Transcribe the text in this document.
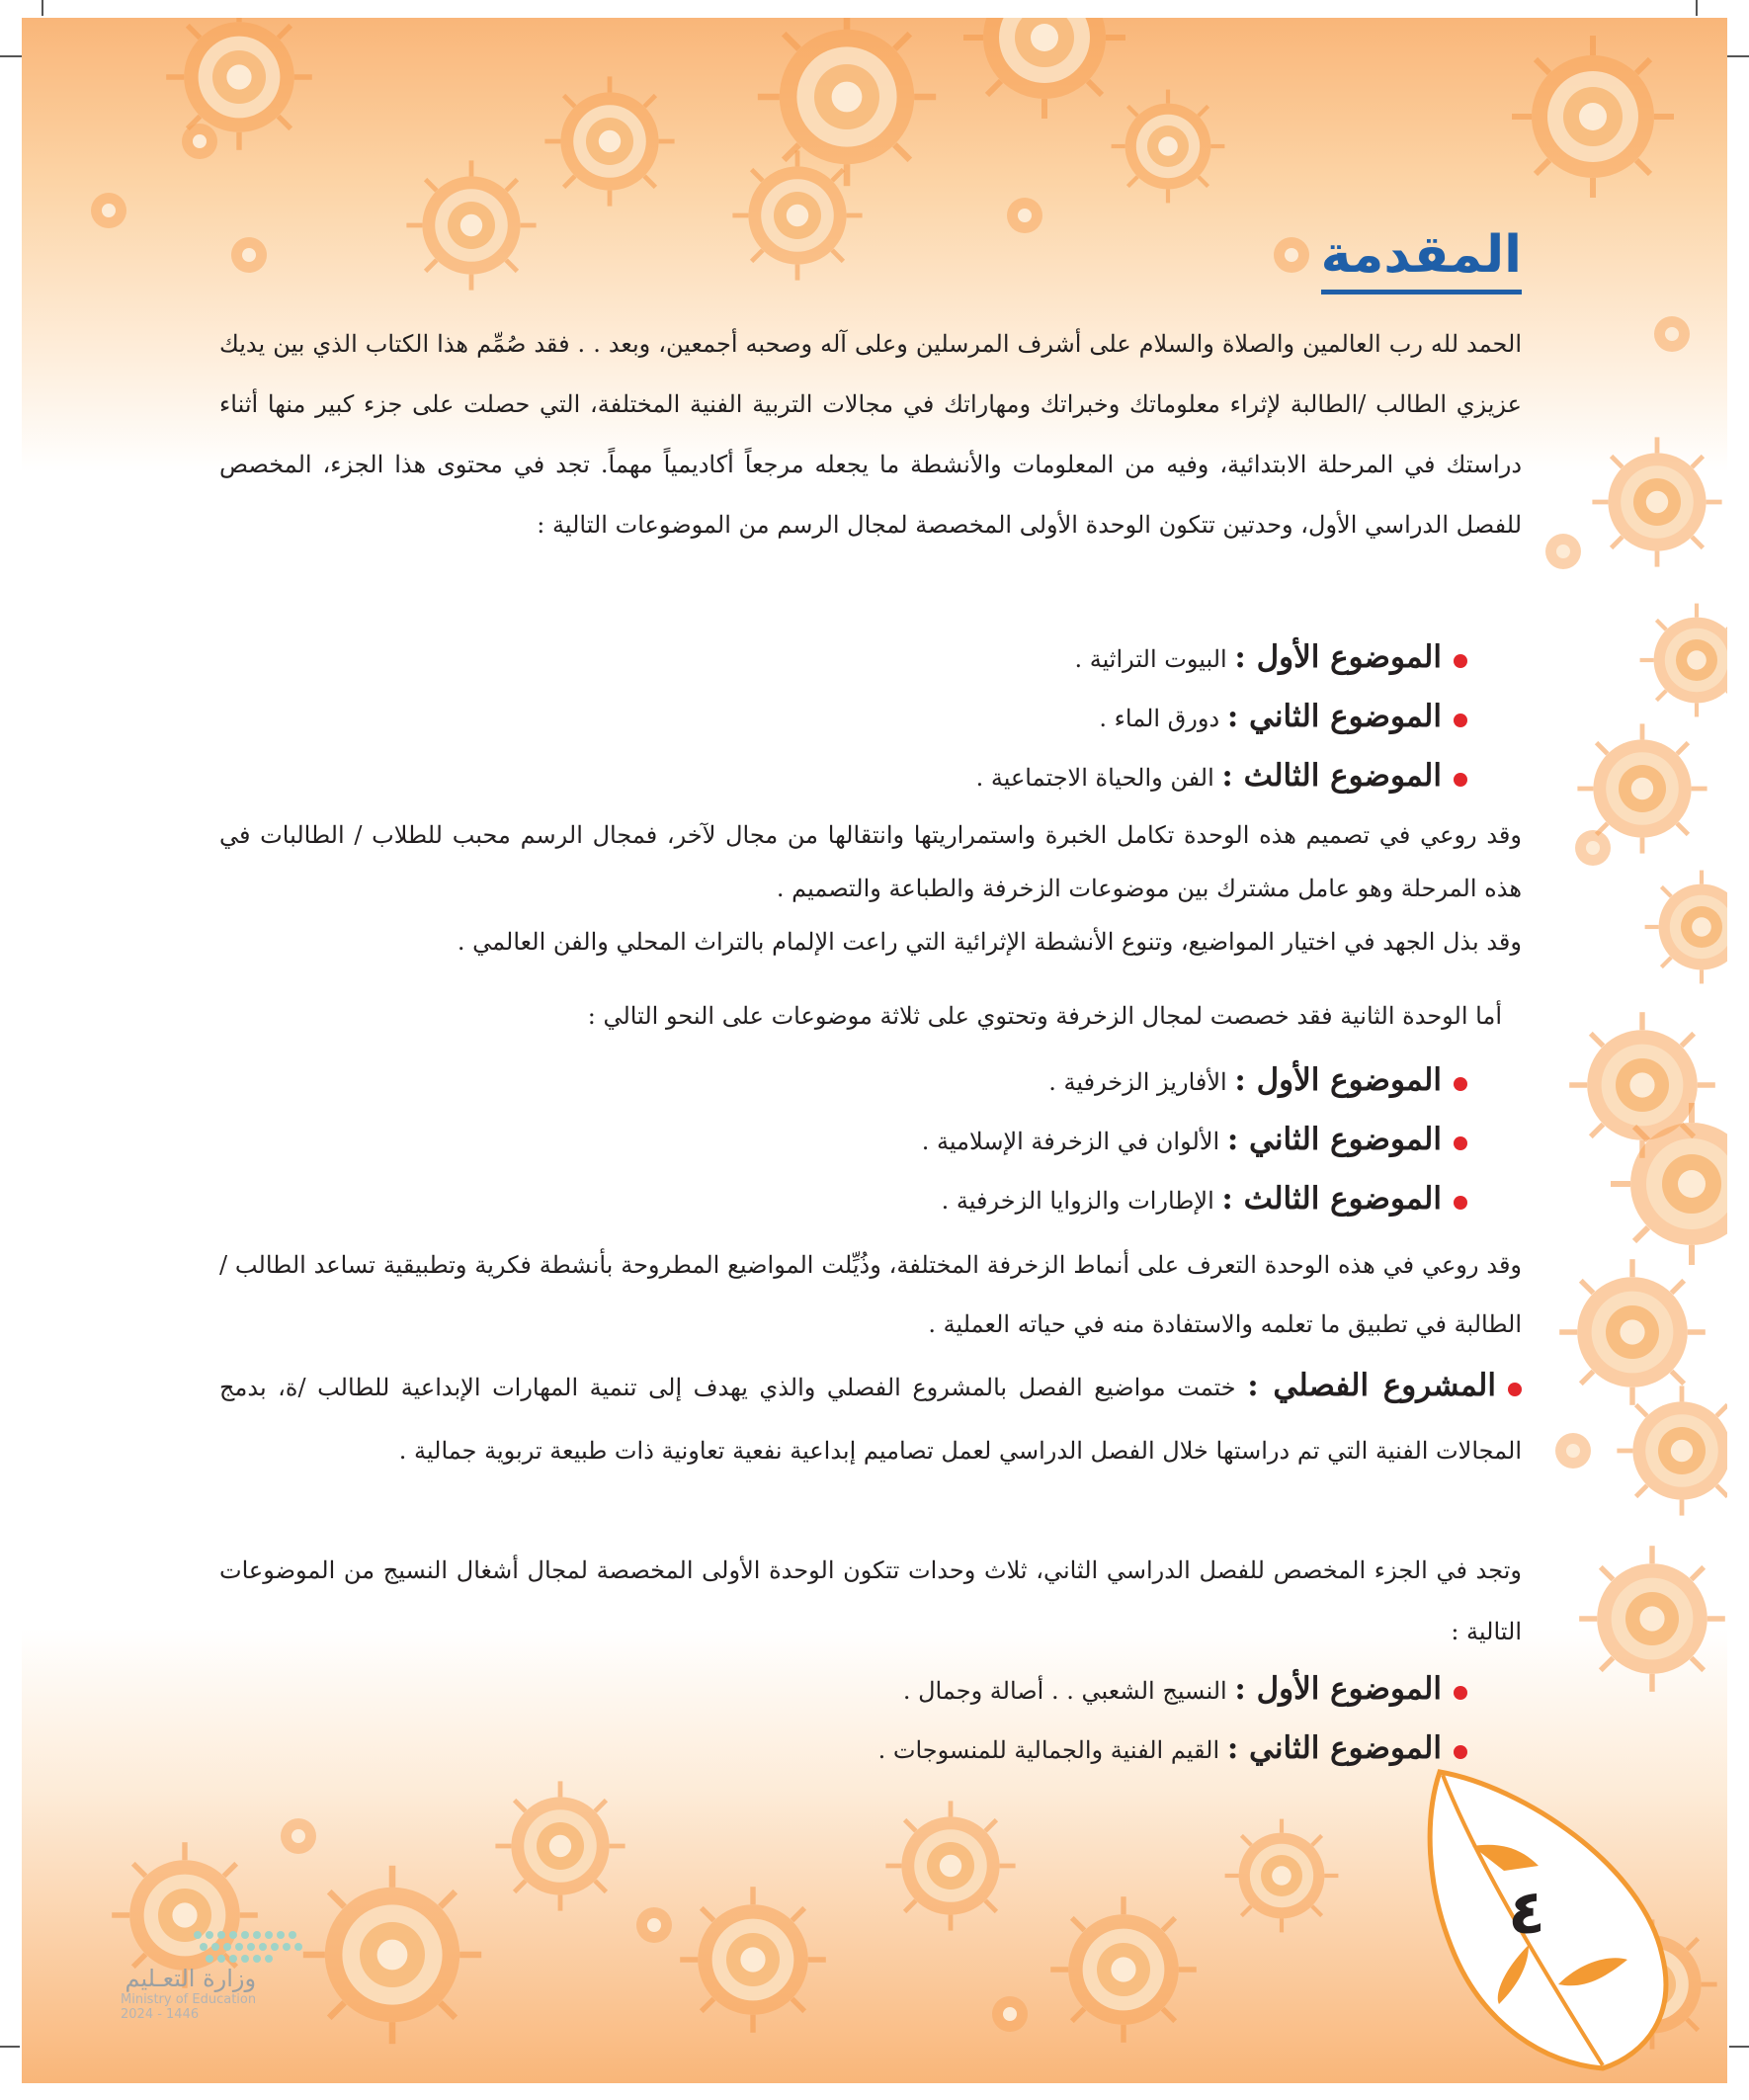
المقدمة
الحمد لله رب العالمين والصلاة والسلام على أشرف المرسلين وعلى آله وصحبه أجمعين، وبعد . . فقد صُمِّم هذا الكتاب الذي بين يديك عزيزي الطالب /الطالبة لإثراء معلوماتك وخبراتك ومهاراتك في مجالات التربية الفنية المختلفة، التي حصلت على جزء كبير منها أثناء دراستك في المرحلة الابتدائية، وفيه من المعلومات والأنشطة ما يجعله مرجعاً أكاديمياً مهماً. تجد في محتوى هذا الجزء، المخصص للفصل الدراسي الأول، وحدتين تتكون الوحدة الأولى المخصصة لمجال الرسم من الموضوعات التالية :
الموضوع الأول : البيوت التراثية .
الموضوع الثاني : دورق الماء .
الموضوع الثالث : الفن والحياة الاجتماعية .
وقد روعي في تصميم هذه الوحدة تكامل الخبرة واستمراريتها وانتقالها من مجال لآخر، فمجال الرسم محبب للطلاب / الطالبات في هذه المرحلة وهو عامل مشترك بين موضوعات الزخرفة والطباعة والتصميم .
وقد بذل الجهد في اختيار المواضيع، وتنوع الأنشطة الإثرائية التي راعت الإلمام بالتراث المحلي والفن العالمي .
أما الوحدة الثانية فقد خصصت لمجال الزخرفة وتحتوي على ثلاثة موضوعات على النحو التالي :
الموضوع الأول : الأفاريز الزخرفية .
الموضوع الثاني : الألوان في الزخرفة الإسلامية .
الموضوع الثالث : الإطارات والزوايا الزخرفية .
وقد روعي في هذه الوحدة التعرف على أنماط الزخرفة المختلفة، وذُيِّلت المواضيع المطروحة بأنشطة فكرية وتطبيقية تساعد الطالب /الطالبة في تطبيق ما تعلمه والاستفادة منه في حياته العملية .
المشروع الفصلي : ختمت مواضيع الفصل بالمشروع الفصلي والذي يهدف إلى تنمية المهارات الإبداعية للطالب /ة، بدمج المجالات الفنية التي تم دراستها خلال الفصل الدراسي لعمل تصاميم إبداعية نفعية تعاونية ذات طبيعة تربوية جمالية .
وتجد في الجزء المخصص للفصل الدراسي الثاني، ثلاث وحدات تتكون الوحدة الأولى المخصصة لمجال أشغال النسيج من الموضوعات التالية :
الموضوع الأول : النسيج الشعبي . . أصالة وجمال .
الموضوع الثاني : القيم الفنية والجمالية للمنسوجات .
٤
وزارة التعـليم
Ministry of Education
2024 - 1446
